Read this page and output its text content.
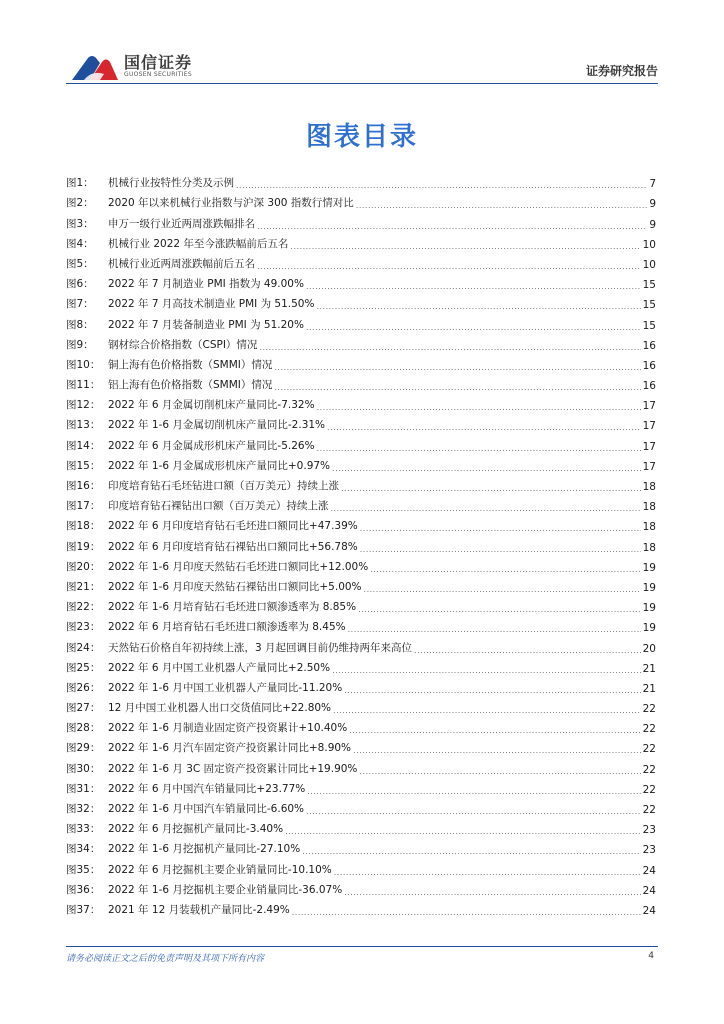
国信证券
GUOSEN SECURITIES	证券研究报告
图表目录
图1：	机械行业按特性分类及示例 .....	7
图2：	2020 年以来机械行业指数与沪深 300 指数行情对比 .....	9
图3：	申万一级行业近两周涨跌幅排名 .....	9
图4：	机械行业 2022 年至今涨跌幅前后五名 .....	10
图5：	机械行业近两周涨跌幅前后五名 .....	10
图6：	2022 年 7 月制造业 PMI 指数为 49.00% .....	15
图7：	2022 年 7 月高技术制造业 PMI 为 51.50% .....	15
图8：	2022 年 7 月装备制造业 PMI 为 51.20% .....	15
图9：	钢材综合价格指数（CSPI）情况 .....	16
图10： 铜上海有色价格指数（SMMI）情况 .....	16
图11： 铝上海有色价格指数（SMMI）情况 .....	16
图12： 2022 年 6 月金属切削机床产量同比-7.32% .....	17
图13： 2022 年 1-6 月金属切削机床产量同比-2.31% .....	17
图14： 2022 年 6 月金属成形机床产量同比-5.26% .....	17
图15： 2022 年 1-6 月金属成形机床产量同比+0.97% .....	17
图16： 印度培育钻石毛坯钻进口额（百万美元）持续上涨 .....	18
图17： 印度培育钻石裸钻出口额（百万美元）持续上涨 .....	18
图18： 2022 年 6 月印度培育钻石毛坯进口额同比+47.39% .....	18
图19： 2022 年 6 月印度培育钻石裸钻出口额同比+56.78% .....	18
图20： 2022 年 1-6 月印度天然钻石毛坯进口额同比+12.00% .....	19
图21： 2022 年 1-6 月印度天然钻石裸钻出口额同比+5.00% .....	19
图22： 2022 年 1-6 月培育钻石毛坯进口额渗透率为 8.85% .....	19
图23： 2022 年 6 月培育钻石毛坯进口额渗透率为 8.45% .....	19
图24： 天然钻石价格自年初持续上涨，3 月起回调目前仍维持两年来高位 .....	20
图25： 2022 年 6 月中国工业机器人产量同比+2.50% .....	21
图26： 2022 年 1-6 月中国工业机器人产量同比-11.20% .....	21
图27： 12 月中国工业机器人出口交货值同比+22.80% .....	22
图28： 2022 年 1-6 月制造业固定资产投资累计+10.40% .....	22
图29： 2022 年 1-6 月汽车固定资产投资累计同比+8.90% .....	22
图30： 2022 年 1-6 月 3C 固定资产投资累计同比+19.90% .....	22
图31： 2022 年 6 月中国汽车销量同比+23.77% .....	22
图32： 2022 年 1-6 月中国汽车销量同比-6.60% .....	22
图33： 2022 年 6 月挖掘机产量同比-3.40% .....	23
图34： 2022 年 1-6 月挖掘机产量同比-27.10% .....	23
图35： 2022 年 6 月挖掘机主要企业销量同比-10.10% .....	24
图36： 2022 年 1-6 月挖掘机主要企业销量同比-36.07% .....	24
图37： 2021 年 12 月装载机产量同比-2.49% .....	24
请务必阅读正文之后的免责声明及其项下所有内容	4
